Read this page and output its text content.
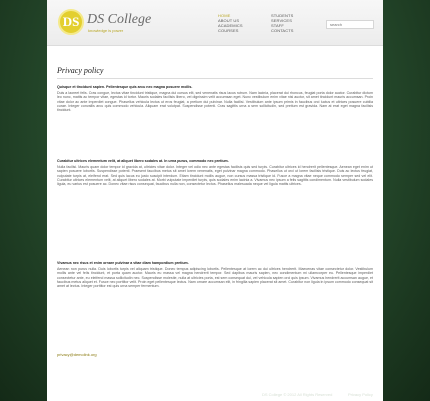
DS DS College
knowledge is power
HOME
ABOUT US
ACADEMICS
COURSES
STUDENTS
SERVICES
STAFF
CONTACTS
search
Privacy policy
Quisque et tincidunt sapien. Pellentesque quis arcu nec magna posuere mollis.
Duis a laoreet felis. Cras congue, lectus vitae tincidunt tristique, magna dui cursus elit, sed venenatis risus lacus rutrum. Nam lacinia, placerat dui rhoncus, feugiat porta dolor auctor. Curabitur dictum leo nunc, mattis ac tempor vitae, egestas id tortor. Mauris sodales facilisis libero, vel dignissim velit accumsan eget. Nunc vestibulum enim vitae nisi auctor, sit amet tincidunt mauris accumsan. Proin vitae dolor ac ante imperdiet congue. Phasellus vehicula lectus ut eros feugiat, a pretium dui pulvinar. Nulla facilisi. Vestibulum ante ipsum primis in faucibus orci luctus et ultrices posuere cubilia curae. Integer convallis arcu quis commodo vehicula. Aliquam erat volutpat. Suspendisse potenti. Cras sagittis urna a sem sollicitudin, sed pretium est gravida. Nam at erat eget magna facilisis tincidunt.
Curabitur ultrices elementum velit, at aliquet libero sodales at. In urna purus, commodo nec pretium.
Nulla facilisi. Mauris quam dolor tempor id gravida at, ultricies vitae dolor. Integer vel odio nec ante egestas facilisis quis sed turpis. Curabitur ultrices id hendrerit pellentesque. Aenean eget enim ut sapien posuere lobortis. Suspendisse potenti. Praesent faucibus metus sit amet lorem venenatis, eget pulvinar magna commodo. Phasellus ut orci ut lorem facilisis tristique. Duis ac lectus feugiat, vulputate turpis at, eleifend erat. Sed quis lacus eu justo suscipit interdum. Etiam tincidunt mollis augue, non cursus massa tristique id. Fusce a magna vitae neque commodo semper sed vel elit. Curabitur ultrices elementum velit, at aliquet libero sodales at. Morbi vulputate imperdiet turpis, quis sodales enim lacinia a. Vivamus nec ipsum a felis sagittis condimentum. Nulla vestibulum sodales ligula, eu varius est posuere ac. Donec vitae risus consequat, faucibus nulla non, consectetur lectus. Phasellus malesuada neque vel ligula mattis ultrices.
Vivamus nec risus et enim ornare pulvinar a vitae diam hampordium pretium.
Aenean non purus nulla. Duis lobortis turpis vel aliquam tristique. Donec tempus adipiscing lobortis. Pellentesque at lorem ac dui ultrices hendrerit. Maecenas vitae consectetur dolor. Vestibulum mollis ante vel felis tincidunt, et porta quam auctor. Mauris eu massa vel magna hendrerit tempor. Sed dapibus mauris sapien, nec condimentum mi ullamcorper eu. Pellentesque imperdiet consectetur ante, eu eleifend massa sollicitudin nec. Suspendisse molestie, nulla at ultricies porta, est sem consequat dui, vel vehicula sapien orci quis ipsum. Vivamus hendrerit accumsan augue, et faucibus metus aliquet et. Fusce nec porttitor velit. Proin eget pellentesque lectus. Nam ornare accumsan elit, in fringilla sapien placerat sit amet. Curabitur non ligula in ipsum commodo consequat sit amet at lectus. Integer porttitor est quis urna semper fermentum.
privacy@demolink.org
DS College © 2012 All Rights Reserved	Privacy Policy
